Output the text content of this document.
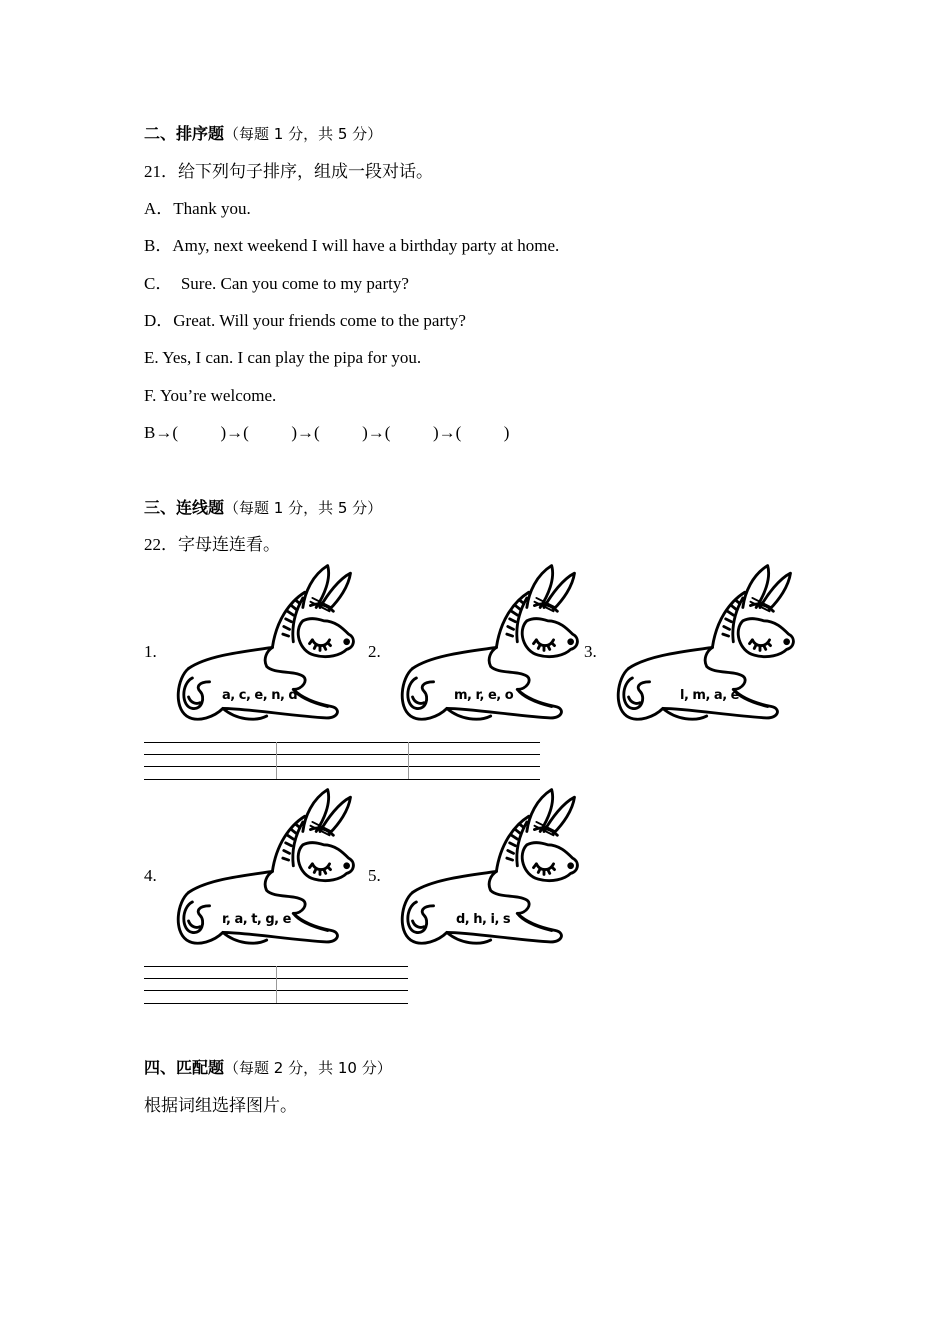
二、排序题（每题 1 分，共 5 分）
21．给下列句子排序，组成一段对话。
A．Thank you.
B．Amy, next weekend I will have a birthday party at home.
C．  Sure. Can you come to my party?
D．Great. Will your friends come to the party?
E. Yes, I can. I can play the pipa for you.
F. You’re welcome.
B→(          )→(          )→(          )→(          )→(          )
三、连线题（每题 1 分，共 5 分）
22．字母连连看。
1.
a, c, e, n, d
2.
m, r, e, o
3.
l, m, a, e
4.
r, a, t, g, e
5.
d, h, i, s
四、匹配题（每题 2 分，共 10 分）
根据词组选择图片。
